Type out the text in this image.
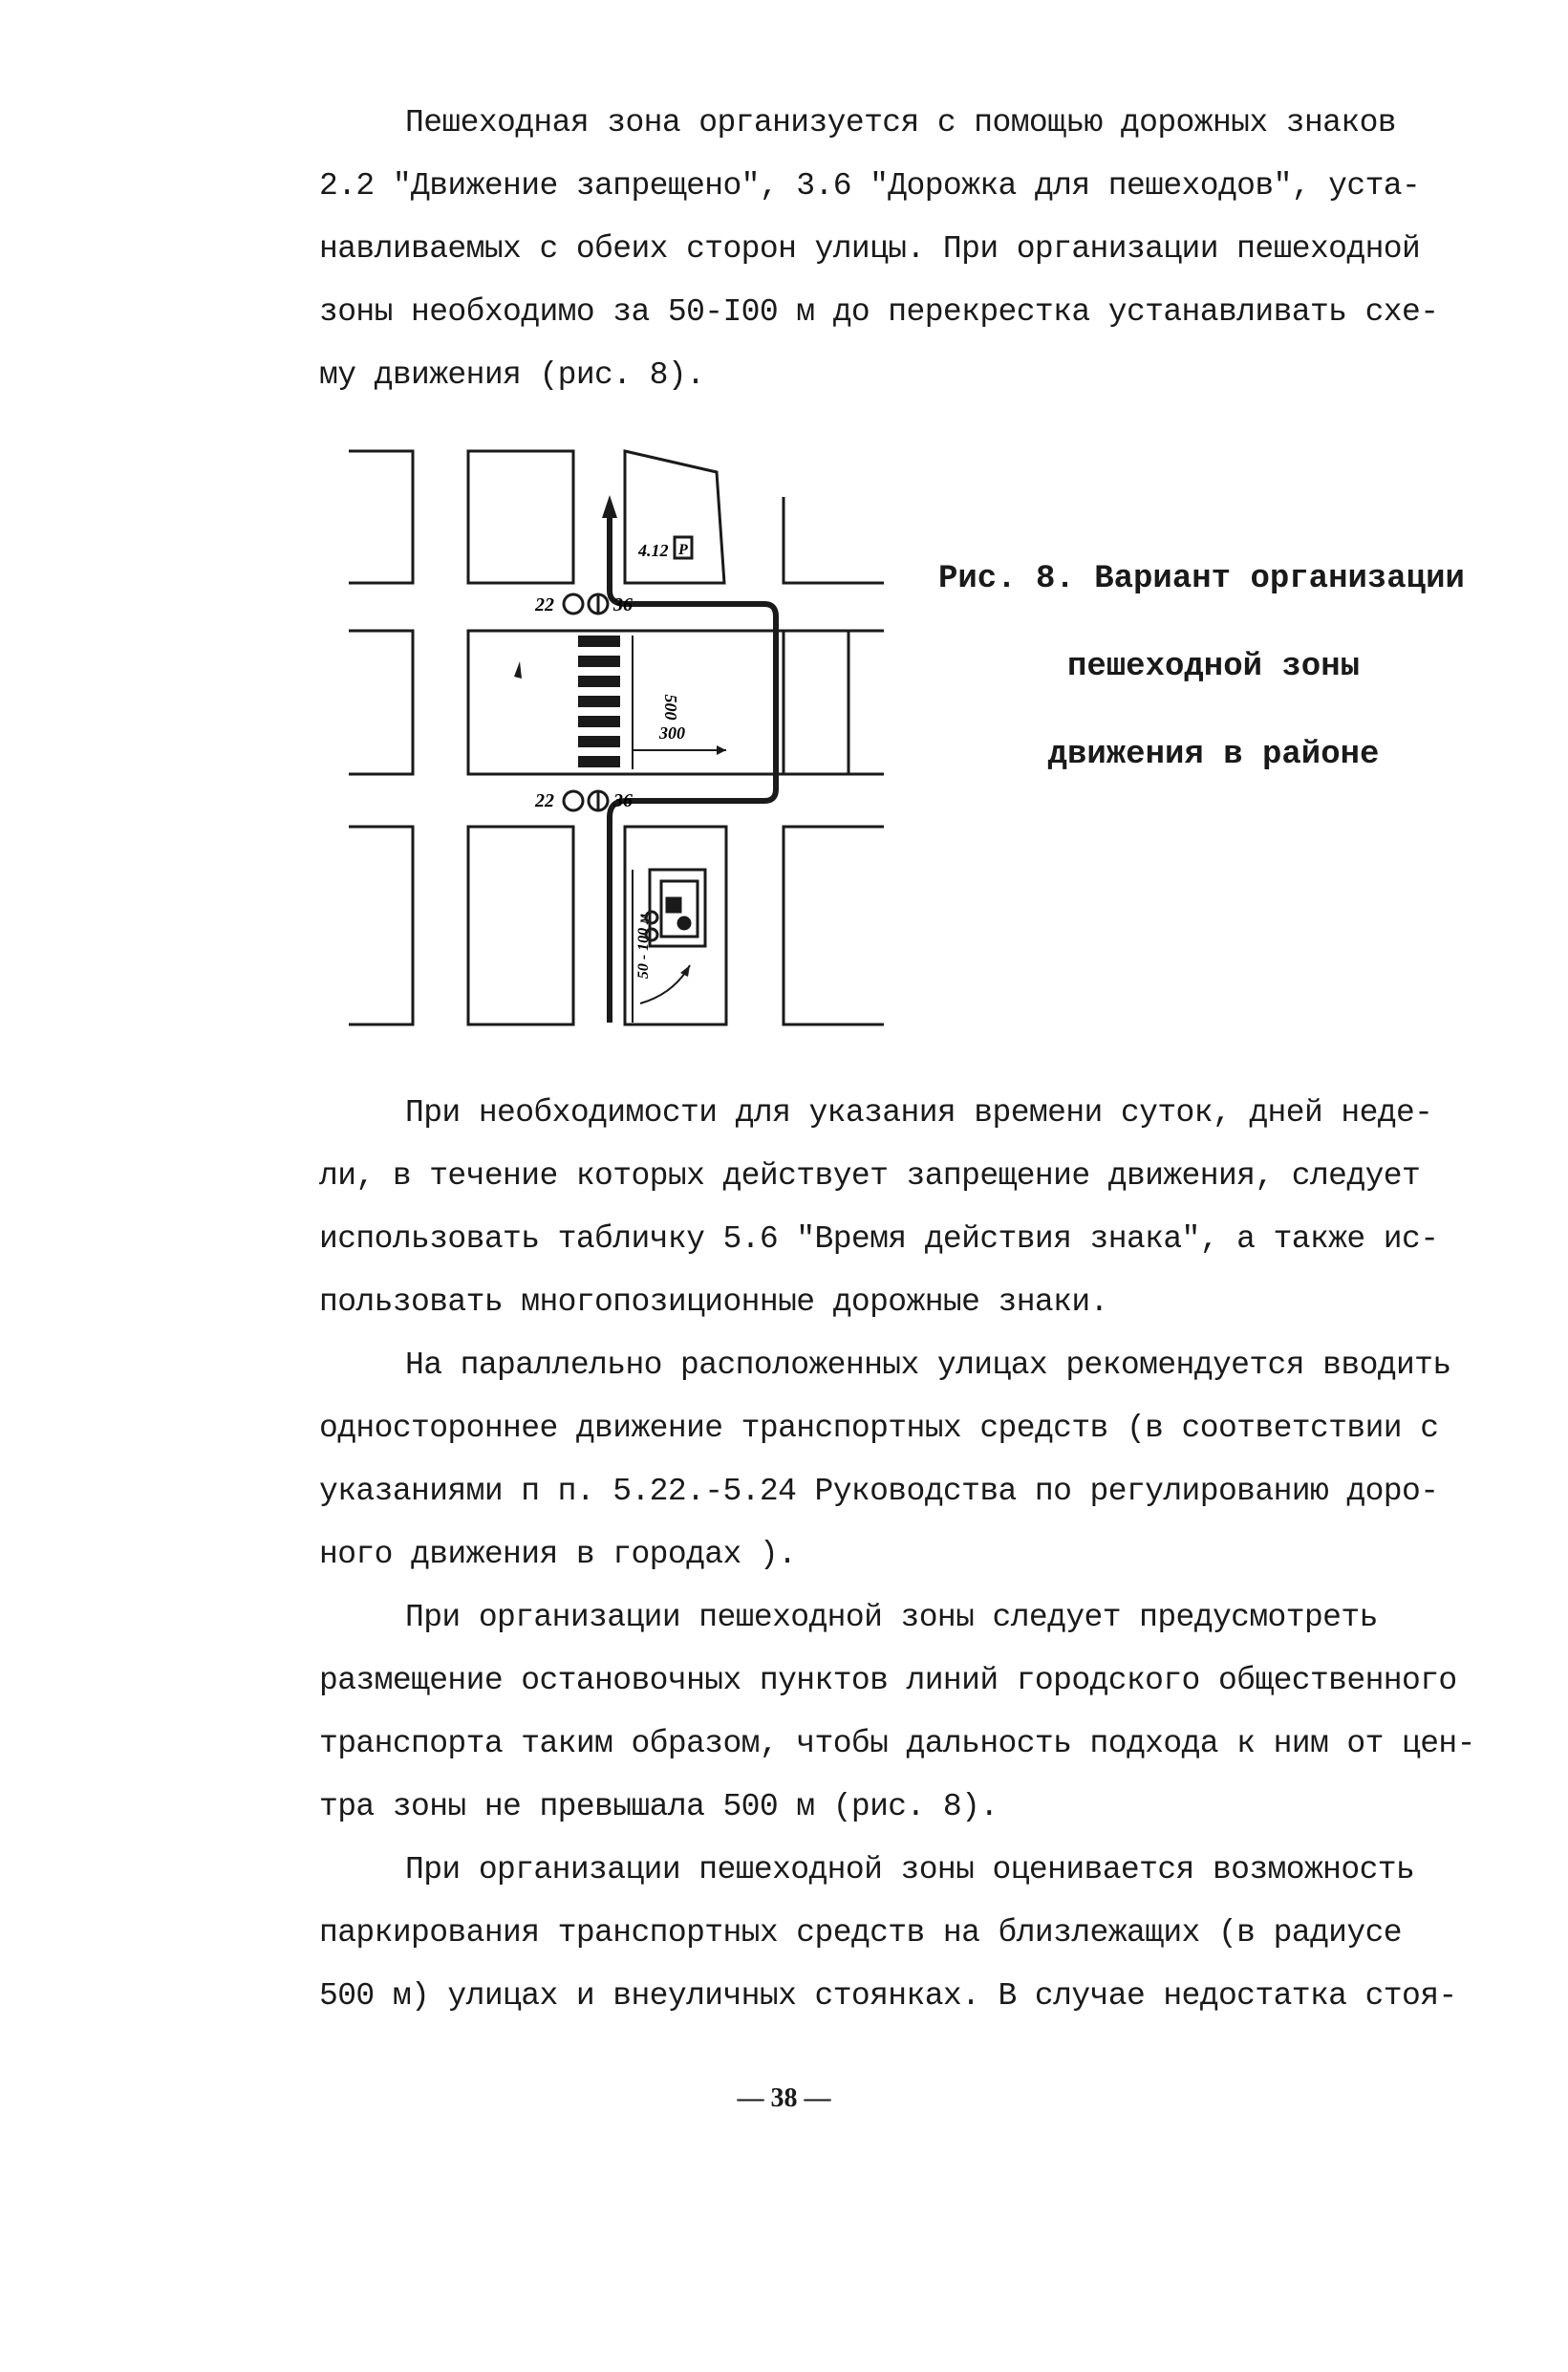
Пешеходная зона организуется с помощью дорожных знаков
2.2 "Движение запрещено", 3.6 "Дорожка для пешеходов", уста-
навливаемых с обеих сторон улицы. При организации пешеходной
зоны необходимо за 50-I00 м до перекрестка устанавливать схе-
му движения (рис. 8).
22	36
22	36
4.12 P
500
300
50 - 100 м
Рис. 8. Вариант организации
пешеходной зоны
движения в районе
При необходимости для указания времени суток, дней неде-
ли, в течение которых действует запрещение движения, следует
использовать табличку 5.6 "Время действия знака", а также ис-
пользовать многопозиционные дорожные знаки.
На параллельно расположенных улицах рекомендуется вводить
одностороннее движение транспортных средств (в соответствии с
указаниями п п. 5.22.-5.24 Руководства по регулированию доро-
ного движения в городах ).
При организации пешеходной зоны следует предусмотреть
размещение остановочных пунктов линий городского общественного
транспорта таким образом, чтобы дальность подхода к ним от цен-
тра зоны не превышала 500 м (рис. 8).
При организации пешеходной зоны оценивается возможность
паркирования транспортных средств на близлежащих (в радиусе
500 м) улицах и внеуличных стоянках. В случае недостатка стоя-
— 38 —
